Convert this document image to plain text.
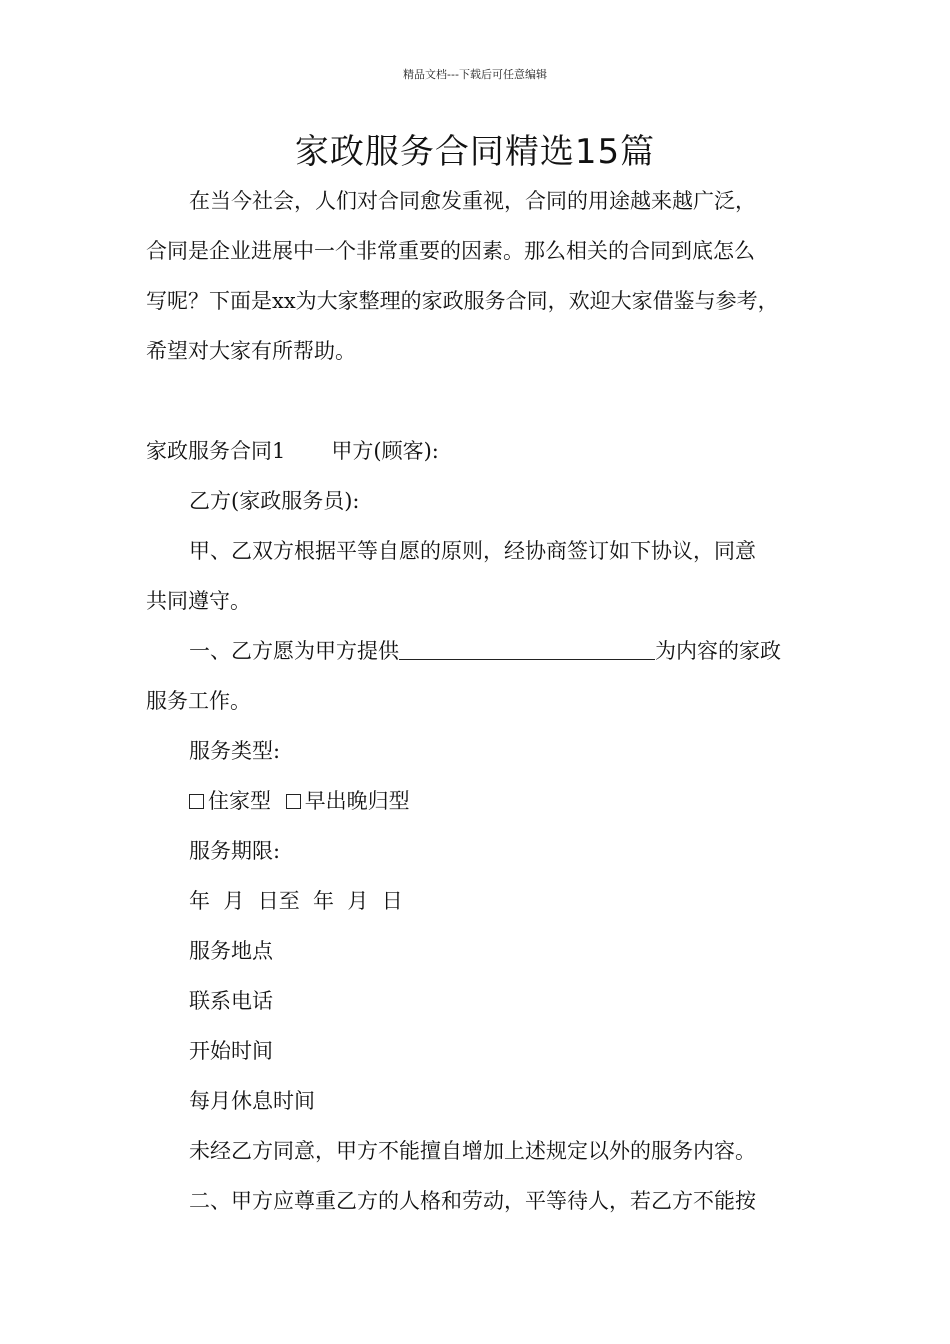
精品文档---下载后可任意编辑
家政服务合同精选15篇

在当今社会，人们对合同愈发重视，合同的用途越来越广泛，

合同是企业进展中一个非常重要的因素。那么相关的合同到底怎么

写呢？下面是xx为大家整理的家政服务合同，欢迎大家借鉴与参考，

希望对大家有所帮助。

家政服务合同1 甲方(顾客):

乙方(家政服务员):

甲、乙双方根据平等自愿的原则，经协商签订如下协议，同意

共同遵守。

一、乙方愿为甲方提供	为内容的家政

服务工作。

服务类型:

住家型 早出晚归型

服务期限:

年  月  日至  年  月  日

服务地点

联系电话

开始时间

每月休息时间

未经乙方同意，甲方不能擅自增加上述规定以外的服务内容。

二、甲方应尊重乙方的人格和劳动，平等待人，若乙方不能按
